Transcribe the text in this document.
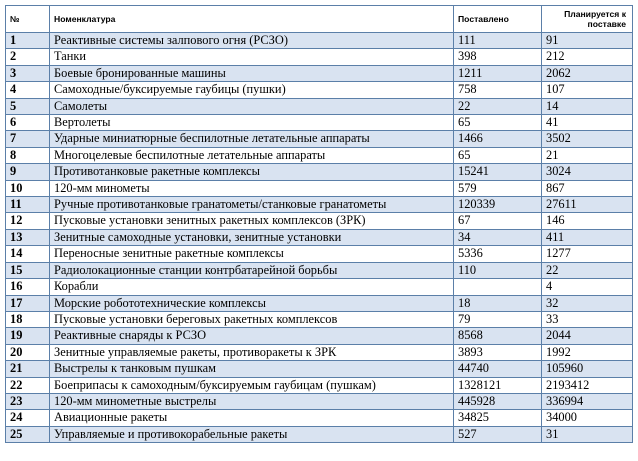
№	Номенклатура	Поставлено	Планируется к
поставке

1	Реактивные системы залпового огня (РСЗО)	111	91
2	Танки	398	212
3	Боевые бронированные машины	1211	2062
4	Самоходные/буксируемые гаубицы (пушки)	758	107
5	Самолеты	22	14
6	Вертолеты	65	41
7	Ударные миниатюрные беспилотные летательные аппараты	1466	3502
8	Многоцелевые беспилотные летательные аппараты	65	21
9	Противотанковые ракетные комплексы	15241	3024
10	120-мм минометы	579	867
11	Ручные противотанковые гранатометы/станковые гранатометы	120339	27611
12	Пусковые установки зенитных ракетных комплексов (ЗРК)	67	146
13	Зенитные самоходные установки, зенитные установки	34	411
14	Переносные зенитные ракетные комплексы	5336	1277
15	Радиолокационные станции контрбатарейной борьбы	110	22
16	Корабли		4
17	Морские робототехнические комплексы	18	32
18	Пусковые установки береговых ракетных комплексов	79	33
19	Реактивные снаряды к РСЗО	8568	2044
20	Зенитные управляемые ракеты, противоракеты к ЗРК	3893	1992
21	Выстрелы к танковым пушкам	44740	105960
22	Боеприпасы к самоходным/буксируемым гаубицам (пушкам)	1328121	2193412
23	120-мм минометные выстрелы	445928	336994
24	Авиационные ракеты	34825	34000
25	Управляемые и противокорабельные ракеты	527	31
